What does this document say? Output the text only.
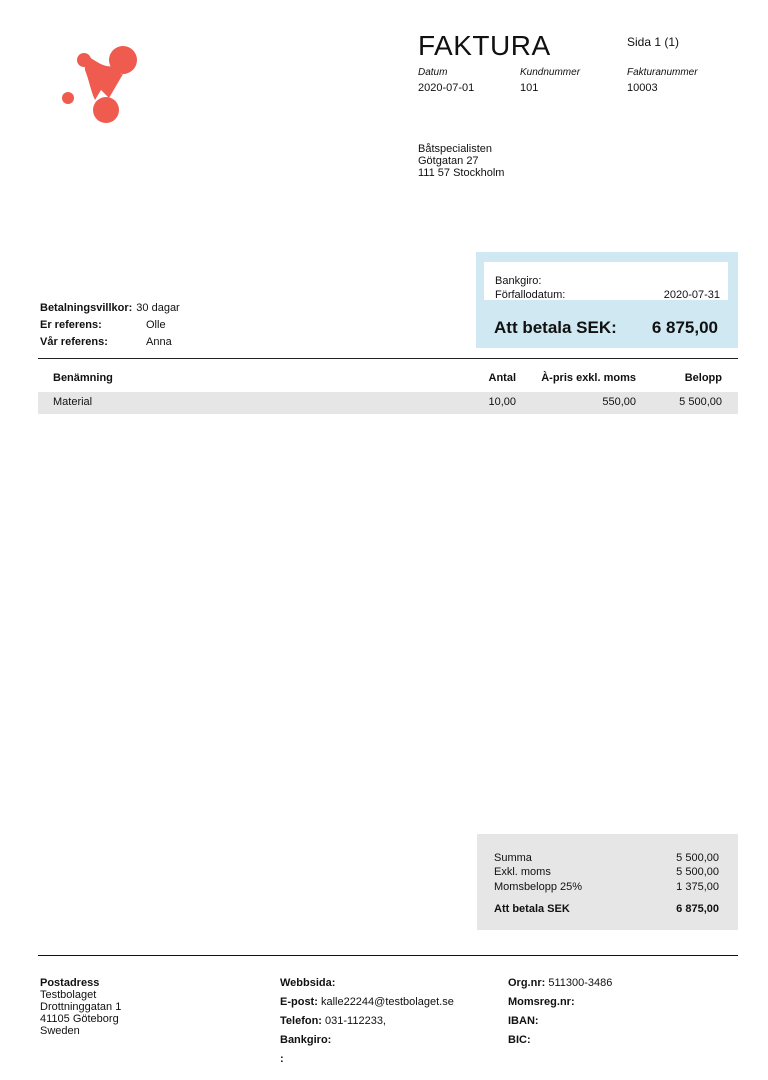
FAKTURA	Sida 1 (1)
Datum
2020-07-01
Kundnummer
101
Fakturanummer
10003
Båtspecialisten
Götgatan 27
111 57 Stockholm
Betalningsvillkor: 30 dagar
Er referens:	Olle
Vår referens:	Anna
Bankgiro:
Förfallodatum:	2020-07-31
Att betala SEK: 6 875,00
Benämning	Antal À-pris exkl. moms	Belopp
Material	10,00	550,00	5 500,00
Summa	5 500,00
Exkl. moms	5 500,00
Momsbelopp 25%	1 375,00
Att betala SEK	6 875,00
Postadress
Testbolaget
Drottninggatan 1
41105 Göteborg
Sweden
Webbsida:
E-post: kalle22244@testbolaget.se
Telefon: 031-112233,
Bankgiro:
:
Org.nr: 511300-3486
Momsreg.nr:
IBAN:
BIC:
